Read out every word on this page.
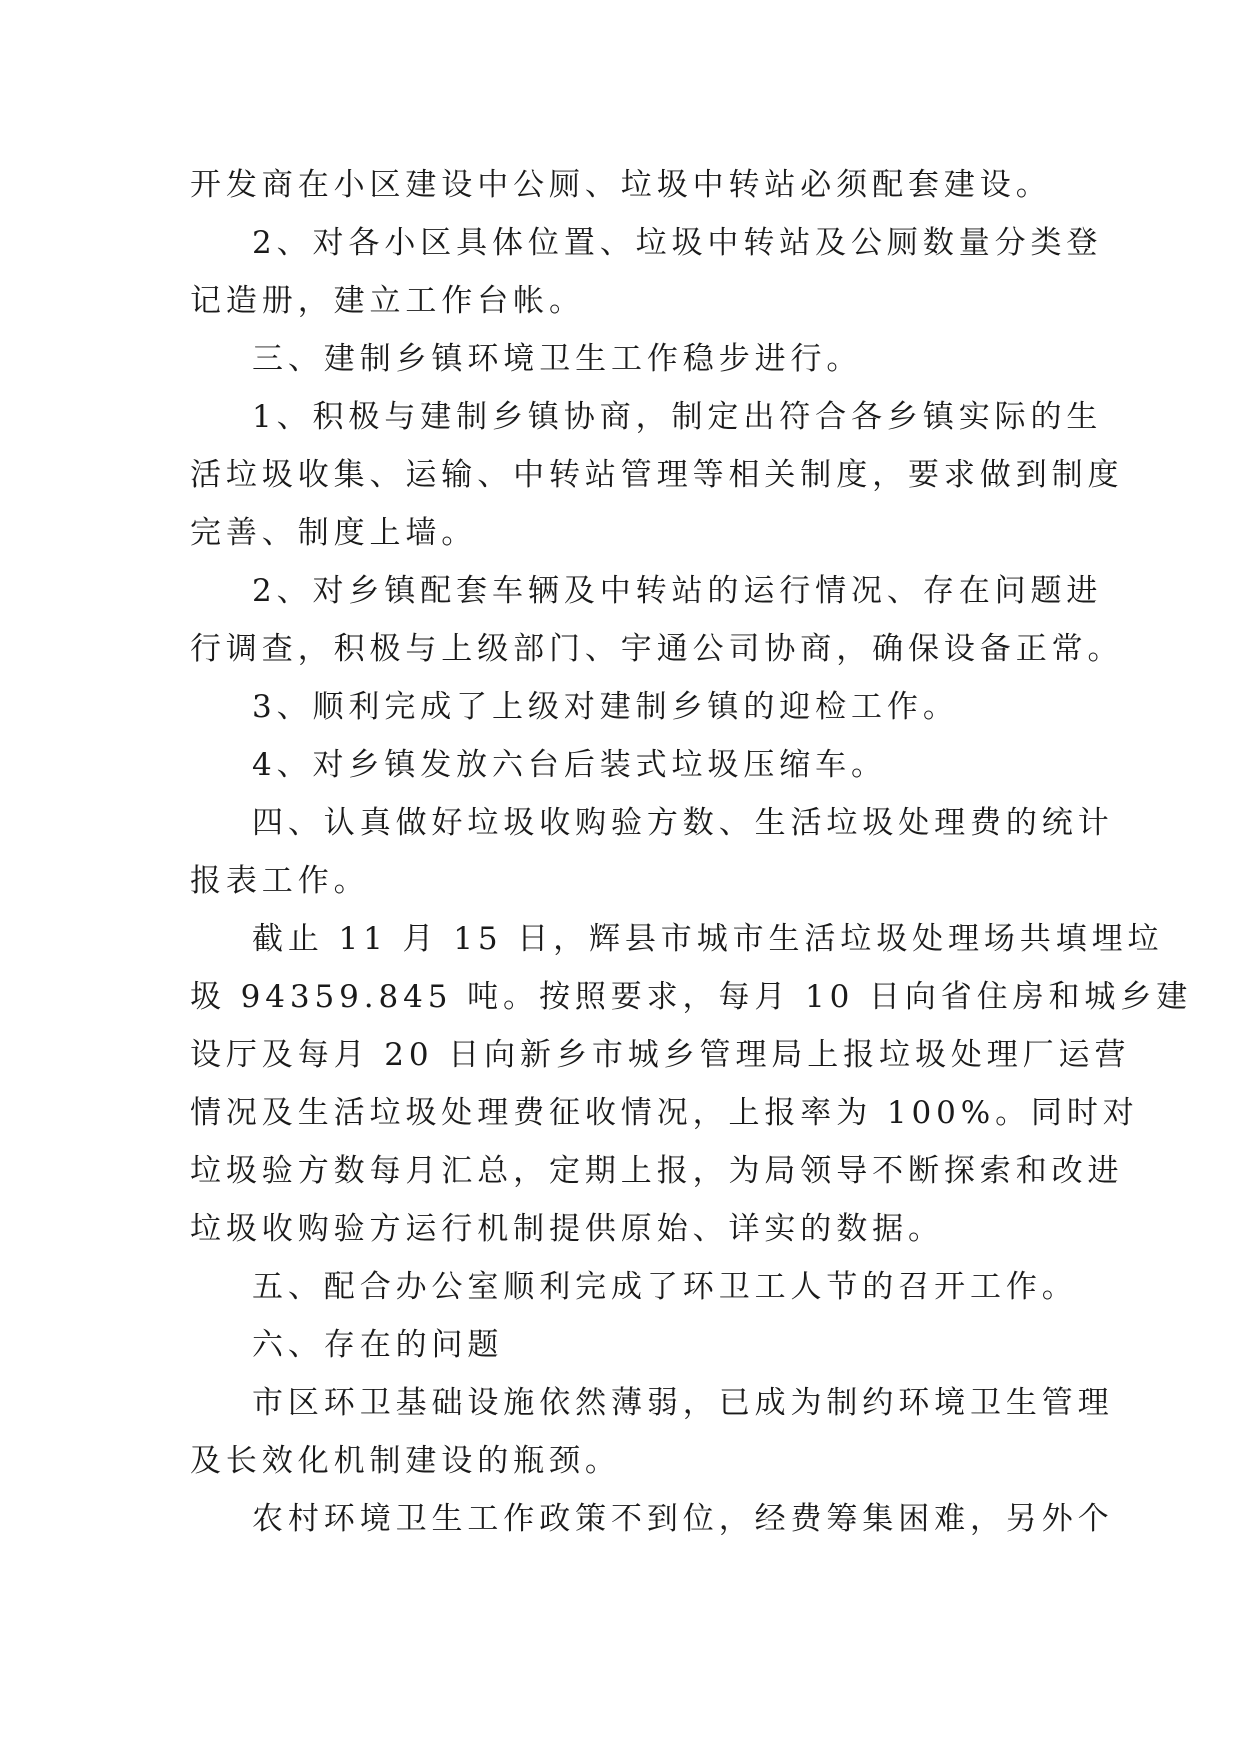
开发商在小区建设中公厕、垃圾中转站必须配套建设。
2、对各小区具体位置、垃圾中转站及公厕数量分类登
记造册，建立工作台帐。
三、建制乡镇环境卫生工作稳步进行。
1、积极与建制乡镇协商，制定出符合各乡镇实际的生
活垃圾收集、运输、中转站管理等相关制度，要求做到制度
完善、制度上墙。
2、对乡镇配套车辆及中转站的运行情况、存在问题进
行调查，积极与上级部门、宇通公司协商，确保设备正常。
3、顺利完成了上级对建制乡镇的迎检工作。
4、对乡镇发放六台后装式垃圾压缩车。
四、认真做好垃圾收购验方数、生活垃圾处理费的统计
报表工作。
截止 11 月 15 日，辉县市城市生活垃圾处理场共填埋垃
圾 94359.845 吨。按照要求，每月 10 日向省住房和城乡建
设厅及每月 20 日向新乡市城乡管理局上报垃圾处理厂运营
情况及生活垃圾处理费征收情况，上报率为 100%。同时对
垃圾验方数每月汇总，定期上报，为局领导不断探索和改进
垃圾收购验方运行机制提供原始、详实的数据。
五、配合办公室顺利完成了环卫工人节的召开工作。
六、存在的问题
市区环卫基础设施依然薄弱，已成为制约环境卫生管理
及长效化机制建设的瓶颈。
农村环境卫生工作政策不到位，经费筹集困难，另外个
